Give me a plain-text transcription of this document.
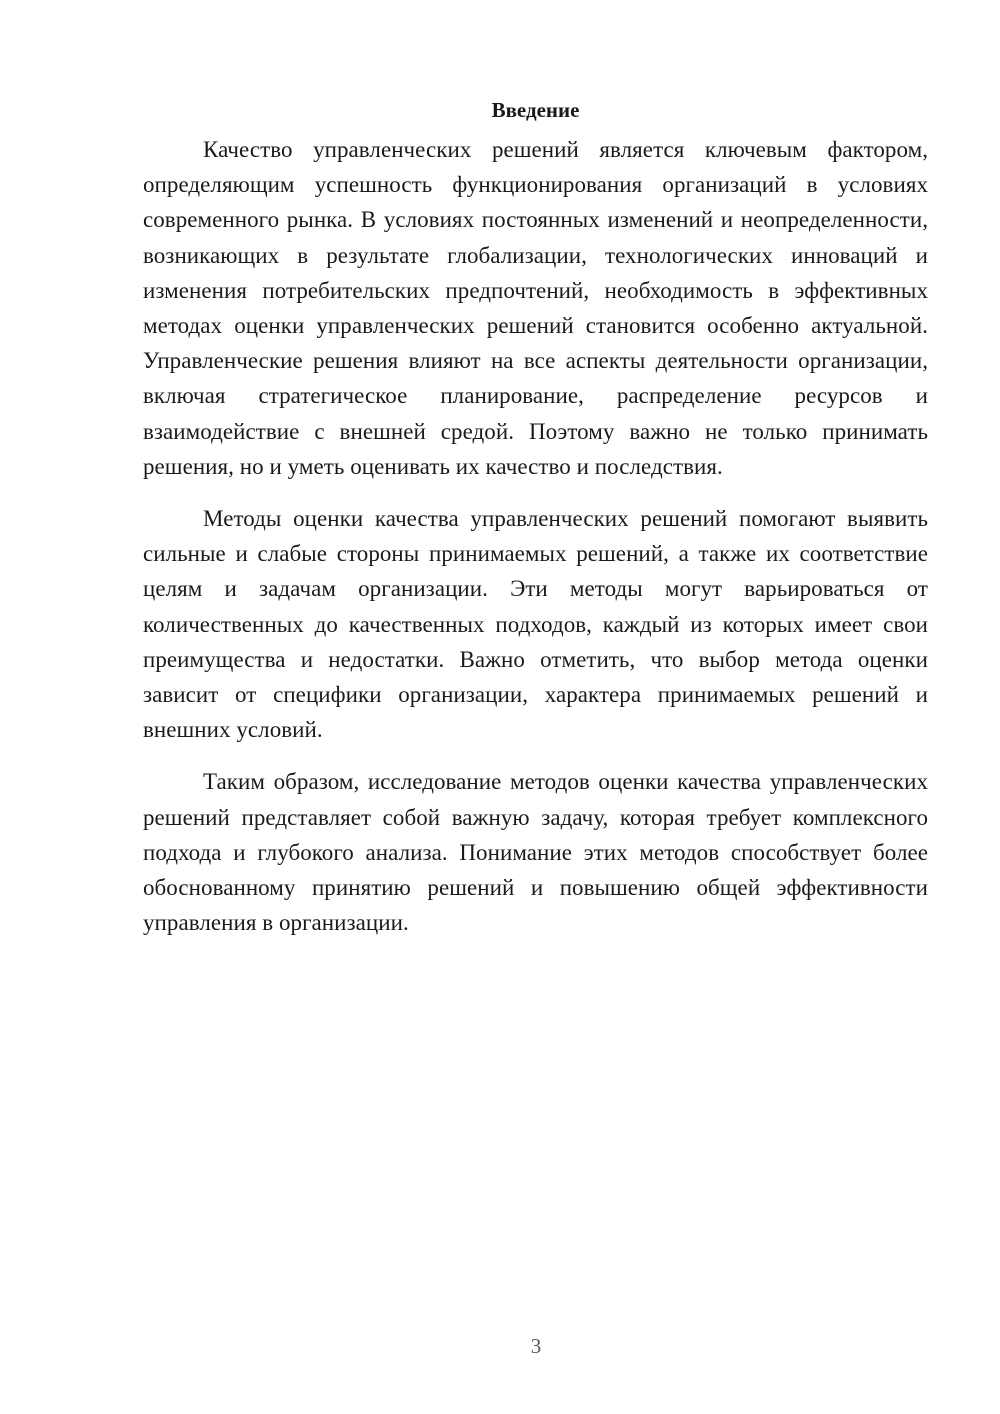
Введение

Качество управленческих решений является ключевым фактором, определяющим успешность функционирования организаций в условиях современного рынка. В условиях постоянных изменений и неопределенности, возникающих в результате глобализации, технологических инноваций и изменения потребительских предпочтений, необходимость в эффективных методах оценки управленческих решений становится особенно актуальной. Управленческие решения влияют на все аспекты деятельности организации, включая стратегическое планирование, распределение ресурсов и взаимодействие с внешней средой. Поэтому важно не только принимать решения, но и уметь оценивать их качество и последствия.

Методы оценки качества управленческих решений помогают выявить сильные и слабые стороны принимаемых решений, а также их соответствие целям и задачам организации. Эти методы могут варьироваться от количественных до качественных подходов, каждый из которых имеет свои преимущества и недостатки. Важно отметить, что выбор метода оценки зависит от специфики организации, характера принимаемых решений и внешних условий.

Таким образом, исследование методов оценки качества управленческих решений представляет собой важную задачу, которая требует комплексного подхода и глубокого анализа. Понимание этих методов способствует более обоснованному принятию решений и повышению общей эффективности управления в организации.

3
